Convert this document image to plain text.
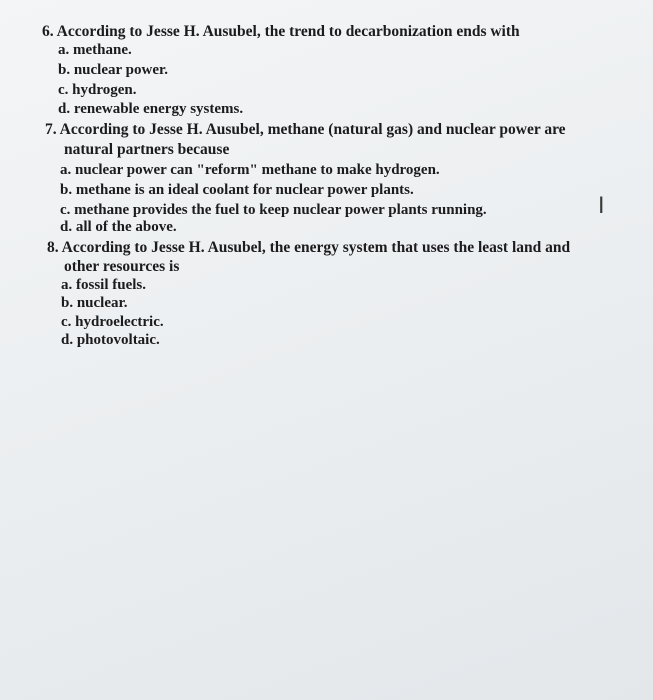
6. According to Jesse H. Ausubel, the trend to decarbonization ends with
a. methane.
b. nuclear power.
c. hydrogen.
d. renewable energy systems.
7. According to Jesse H. Ausubel, methane (natural gas) and nuclear power are
natural partners because
a. nuclear power can "reform" methane to make hydrogen.
b. methane is an ideal coolant for nuclear power plants.
c. methane provides the fuel to keep nuclear power plants running.
d. all of the above.
8. According to Jesse H. Ausubel, the energy system that uses the least land and
other resources is
a. fossil fuels.
b. nuclear.
c. hydroelectric.
d. photovoltaic.
I
